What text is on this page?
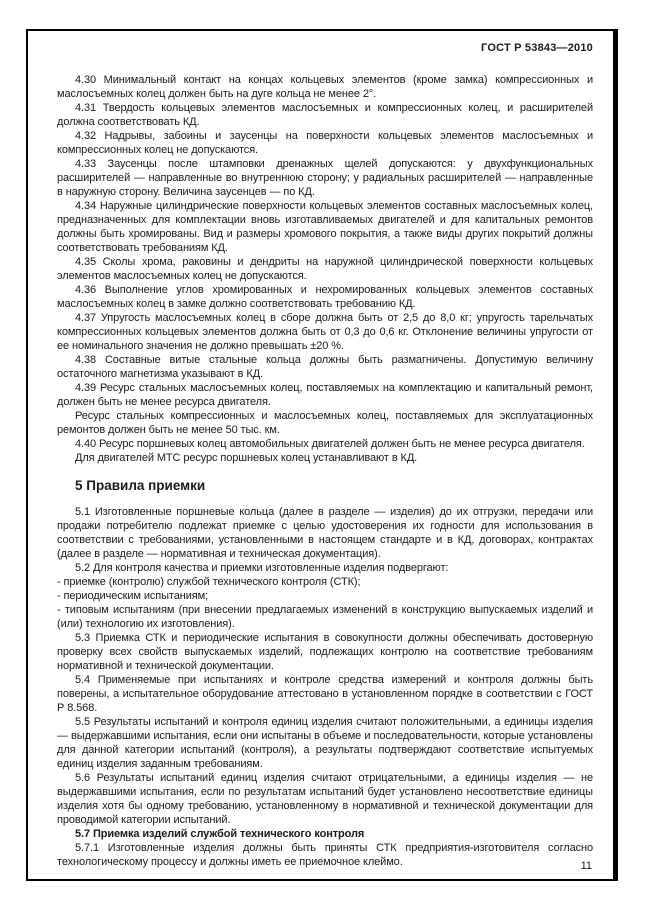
ГОСТ Р 53843—2010

4.30 Минимальный контакт на концах кольцевых элементов (кроме замка) компрессионных и маслосъемных колец должен быть на дуге кольца не менее 2°.

4.31 Твердость кольцевых элементов маслосъемных и компрессионных колец, и расширителей должна соответствовать КД.

4.32 Надрывы, забоины и заусенцы на поверхности кольцевых элементов маслосъемных и компрессионных колец не допускаются.

4.33 Заусенцы после штамповки дренажных щелей допускаются: у двухфункциональных расширителей — направленные во внутреннюю сторону; у радиальных расширителей — направленные в наружную сторону. Величина заусенцев — по КД.

4.34 Наружные цилиндрические поверхности кольцевых элементов составных маслосъемных колец, предназначенных для комплектации вновь изготавливаемых двигателей и для капитальных ремонтов должны быть хромированы. Вид и размеры хромового покрытия, а также виды других покрытий должны соответствовать требованиям КД.

4.35 Сколы хрома, раковины и дендриты на наружной цилиндрической поверхности кольцевых элементов маслосъемных колец не допускаются.

4.36 Выполнение углов хромированных и нехромированных кольцевых элементов составных маслосъемных колец в замке должно соответствовать требованию КД.

4.37 Упругость маслосъемных колец в сборе должна быть от 2,5 до 8,0 кг; упругость тарельчатых компрессионных кольцевых элементов должна быть от 0,3 до 0,6 кг. Отклонение величины упругости от ее номинального значения не должно превышать ±20 %.

4.38 Составные витые стальные кольца должны быть размагничены. Допустимую величину остаточного магнетизма указывают в КД.

4.39 Ресурс стальных маслосъемных колец, поставляемых на комплектацию и капитальный ремонт, должен быть не менее ресурса двигателя.

Ресурс стальных компрессионных и маслосъемных колец, поставляемых для эксплуатационных ремонтов должен быть не менее 50 тыс. км.

4.40 Ресурс поршневых колец автомобильных двигателей должен быть не менее ресурса двигателя.

Для двигателей МТС ресурс поршневых колец устанавливают в КД.

5 Правила приемки

5.1 Изготовленные поршневые кольца (далее в разделе — изделия) до их отгрузки, передачи или продажи потребителю подлежат приемке с целью удостоверения их годности для использования в соответствии с требованиями, установленными в настоящем стандарте и в КД, договорах, контрактах (далее в разделе — нормативная и техническая документация).

5.2 Для контроля качества и приемки изготовленные изделия подвергают:

- приемке (контролю) службой технического контроля (СТК);

- периодическим испытаниям;

- типовым испытаниям (при внесении предлагаемых изменений в конструкцию выпускаемых изделий и (или) технологию их изготовления).

5.3 Приемка СТК и периодические испытания в совокупности должны обеспечивать достоверную проверку всех свойств выпускаемых изделий, подлежащих контролю на соответствие требованиям нормативной и технической документации.

5.4 Применяемые при испытаниях и контроле средства измерений и контроля должны быть поверены, а испытательное оборудование аттестовано в установленном порядке в соответствии с ГОСТ Р 8.568.

5.5 Результаты испытаний и контроля единиц изделия считают положительными, а единицы изделия — выдержавшими испытания, если они испытаны в объеме и последовательности, которые установлены для данной категории испытаний (контроля), а результаты подтверждают соответствие испытуемых единиц изделия заданным требованиям.

5.6 Результаты испытаний единиц изделия считают отрицательными, а единицы изделия — не выдержавшими испытания, если по результатам испытаний будет установлено несоответствие единицы изделия хотя бы одному требованию, установленному в нормативной и технической документации для проводимой категории испытаний.

5.7 Приемка изделий службой технического контроля

5.7.1 Изготовленные изделия должны быть приняты СТК предприятия-изготовителя согласно технологическому процессу и должны иметь ее приемочное клеймо.	11
